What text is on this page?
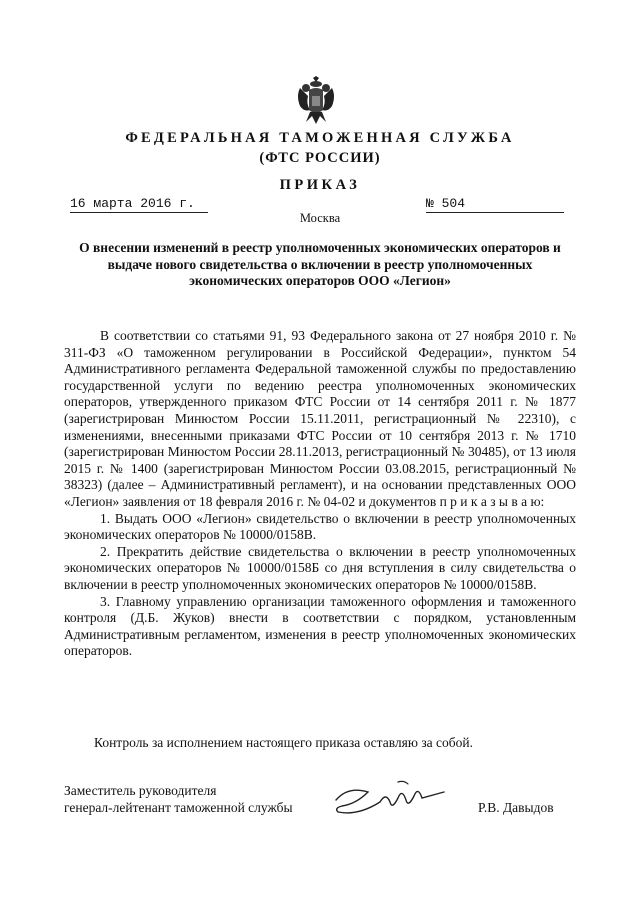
ФЕДЕРАЛЬНАЯ ТАМОЖЕННАЯ СЛУЖБА
(ФТС РОССИИ)
ПРИКАЗ
16 марта 2016 г.	№ 504
Москва
О внесении изменений в реестр уполномоченных экономических операторов и выдаче нового свидетельства о включении в реестр уполномоченных экономических операторов ООО «Легион»

В соответствии со статьями 91, 93 Федерального закона от 27 ноября 2010 г. № 311-ФЗ «О таможенном регулировании в Российской Федерации», пунктом 54 Административного регламента Федеральной таможенной службы по предоставлению государственной услуги по ведению реестра уполномоченных экономических операторов, утвержденного приказом ФТС России от 14 сентября 2011 г. № 1877 (зарегистрирован Минюстом России 15.11.2011, регистрационный № 22310), с изменениями, внесенными приказами ФТС России от 10 сентября 2013 г. № 1710 (зарегистрирован Минюстом России 28.11.2013, регистрационный № 30485), от 13 июля 2015 г. № 1400 (зарегистрирован Минюстом России 03.08.2015, регистрационный № 38323) (далее – Административный регламент), и на основании представленных ООО «Легион» заявления от 18 февраля 2016 г. № 04-02 и документов п р и к а з ы в а ю:

1. Выдать ООО «Легион» свидетельство о включении в реестр уполномоченных экономических операторов № 10000/0158В.

2. Прекратить действие свидетельства о включении в реестр уполномоченных экономических операторов № 10000/0158Б со дня вступления в силу свидетельства о включении в реестр уполномоченных экономических операторов № 10000/0158В.

3. Главному управлению организации таможенного оформления и таможенного контроля (Д.Б. Жуков) внести в соответствии с порядком, установленным Административным регламентом, изменения в реестр уполномоченных экономических операторов.

Контроль за исполнением настоящего приказа оставляю за собой.
Заместитель руководителя
генерал-лейтенант таможенной службы	Р.В. Давыдов
